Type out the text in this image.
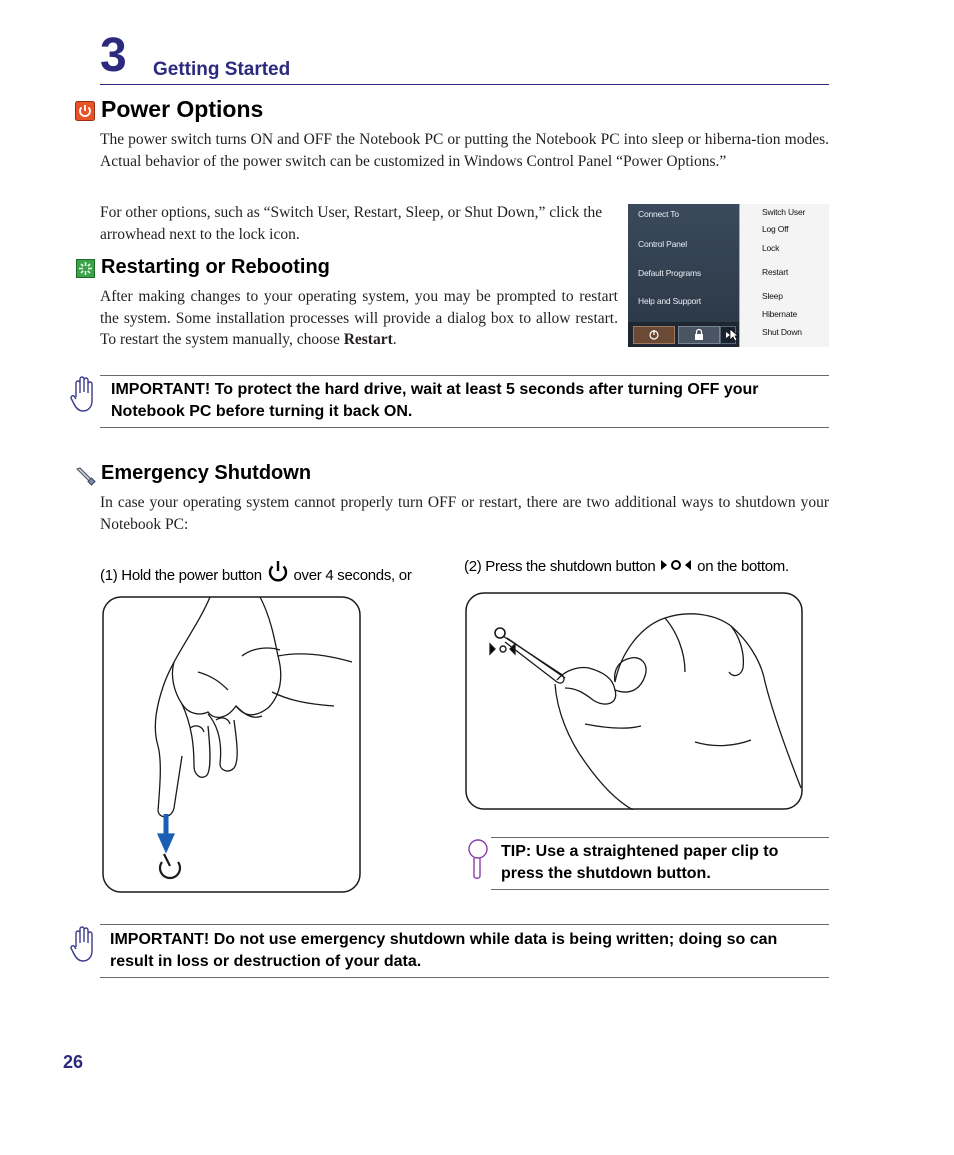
3 Getting Started
Power Options
The power switch turns ON and OFF the Notebook PC or putting the Notebook PC into sleep or hiberna-tion modes. Actual behavior of the power switch can be customized in Windows Control Panel “Power Options.”
For other options, such as “Switch User, Restart, Sleep, or Shut Down,” click the arrowhead next to the lock icon.
Connect To
Control Panel
Default Programs
Help and Support
Switch User
Log Off
Lock
Restart
Sleep
Hibernate
Shut Down
Restarting or Rebooting
After making changes to your operating system, you may be prompted to restart the system. Some installation processes will provide a dialog box to allow restart. To restart the system manually, choose Restart.
IMPORTANT! To protect the hard drive, wait at least 5 seconds after turning OFF your Notebook PC before turning it back ON.
Emergency Shutdown
In case your operating system cannot properly turn OFF or restart, there are two additional ways to shutdown your Notebook PC:
(1) Hold the power button over 4 seconds, or
(2) Press the shutdown button	on the bottom.
TIP: Use a straightened paper clip to press the shutdown button.
IMPORTANT! Do not use emergency shutdown while data is being written; doing so can result in loss or destruction of your data.
26
